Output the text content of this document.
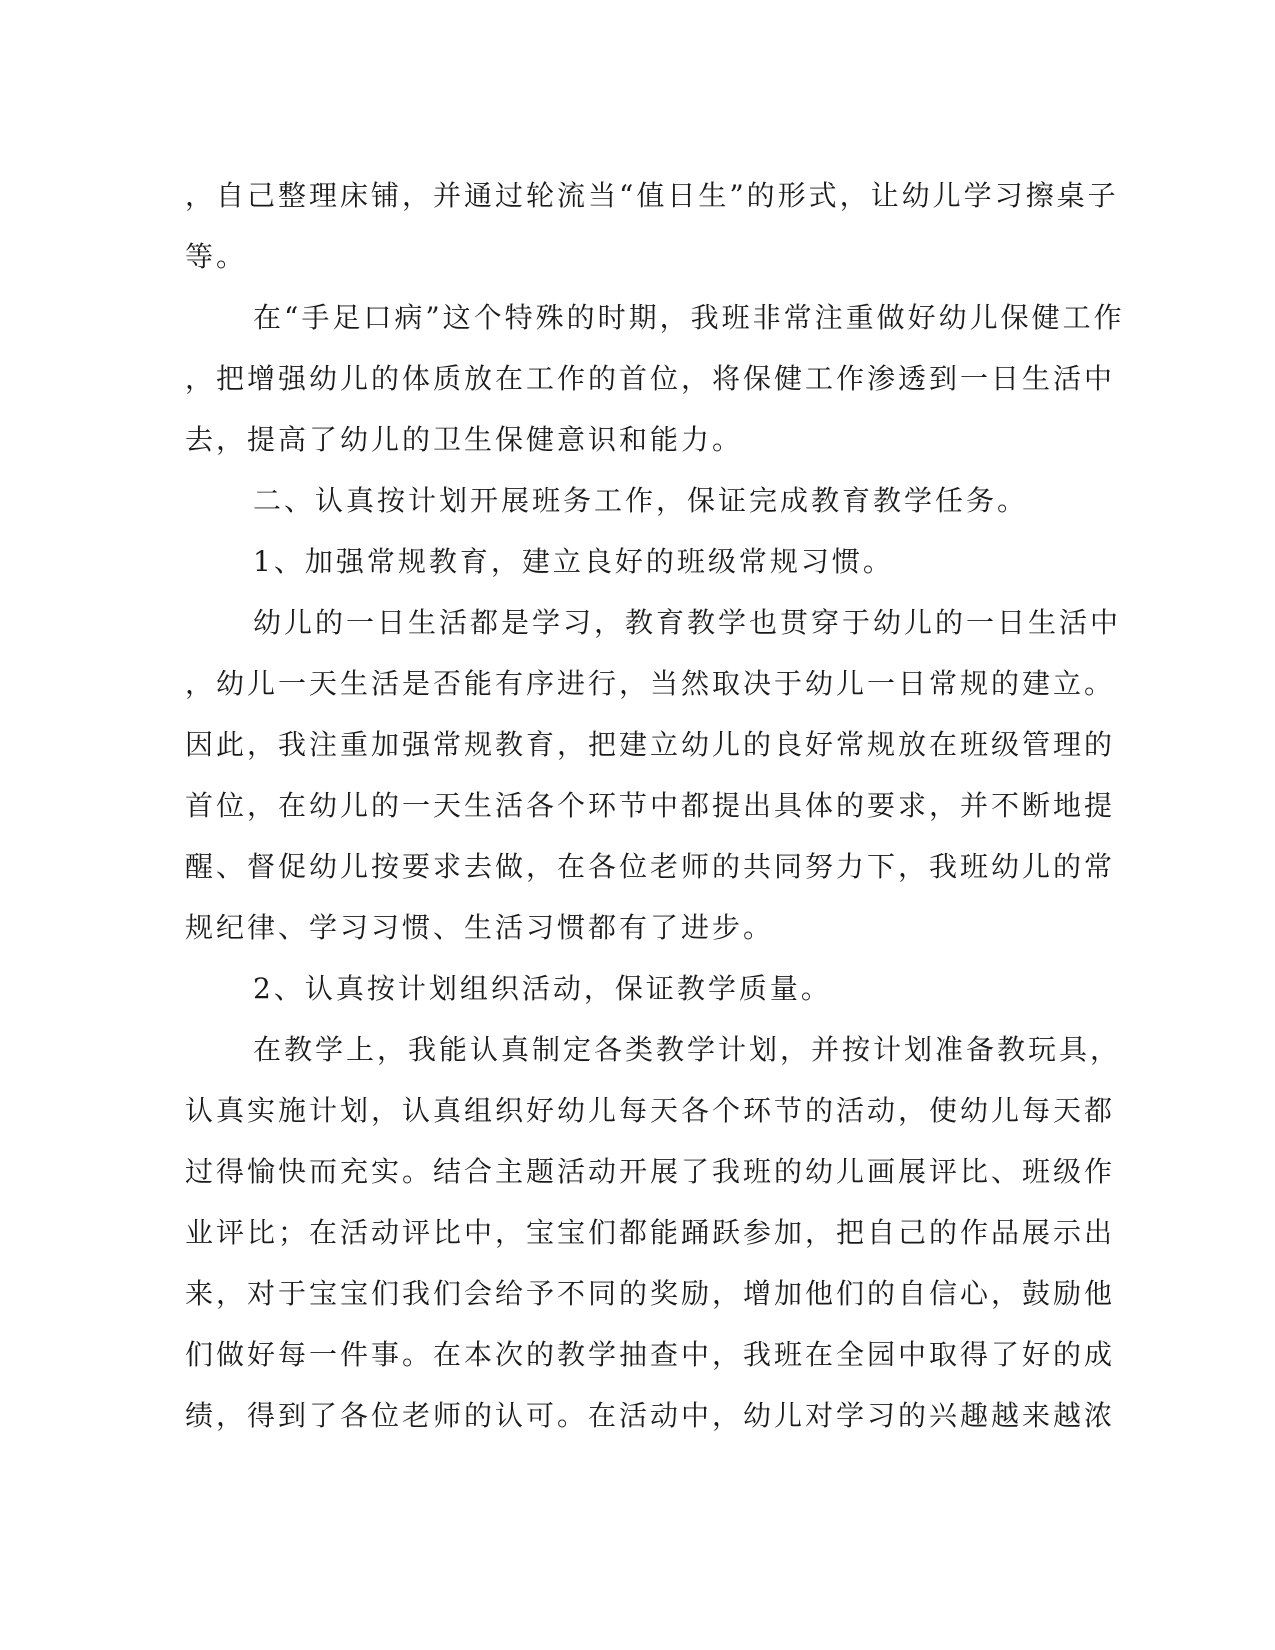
，自己整理床铺，并通过轮流当“值日生”的形式，让幼儿学习擦桌子
等。
在“手足口病”这个特殊的时期，我班非常注重做好幼儿保健工作
，把增强幼儿的体质放在工作的首位，将保健工作渗透到一日生活中
去，提高了幼儿的卫生保健意识和能力。
二、认真按计划开展班务工作，保证完成教育教学任务。
1、加强常规教育，建立良好的班级常规习惯。
幼儿的一日生活都是学习，教育教学也贯穿于幼儿的一日生活中
，幼儿一天生活是否能有序进行，当然取决于幼儿一日常规的建立。
因此，我注重加强常规教育，把建立幼儿的良好常规放在班级管理的
首位，在幼儿的一天生活各个环节中都提出具体的要求，并不断地提
醒、督促幼儿按要求去做，在各位老师的共同努力下，我班幼儿的常
规纪律、学习习惯、生活习惯都有了进步。
2、认真按计划组织活动，保证教学质量。
在教学上，我能认真制定各类教学计划，并按计划准备教玩具，
认真实施计划，认真组织好幼儿每天各个环节的活动，使幼儿每天都
过得愉快而充实。结合主题活动开展了我班的幼儿画展评比、班级作
业评比；在活动评比中，宝宝们都能踊跃参加，把自己的作品展示出
来，对于宝宝们我们会给予不同的奖励，增加他们的自信心，鼓励他
们做好每一件事。在本次的教学抽查中，我班在全园中取得了好的成
绩，得到了各位老师的认可。在活动中，幼儿对学习的兴趣越来越浓
